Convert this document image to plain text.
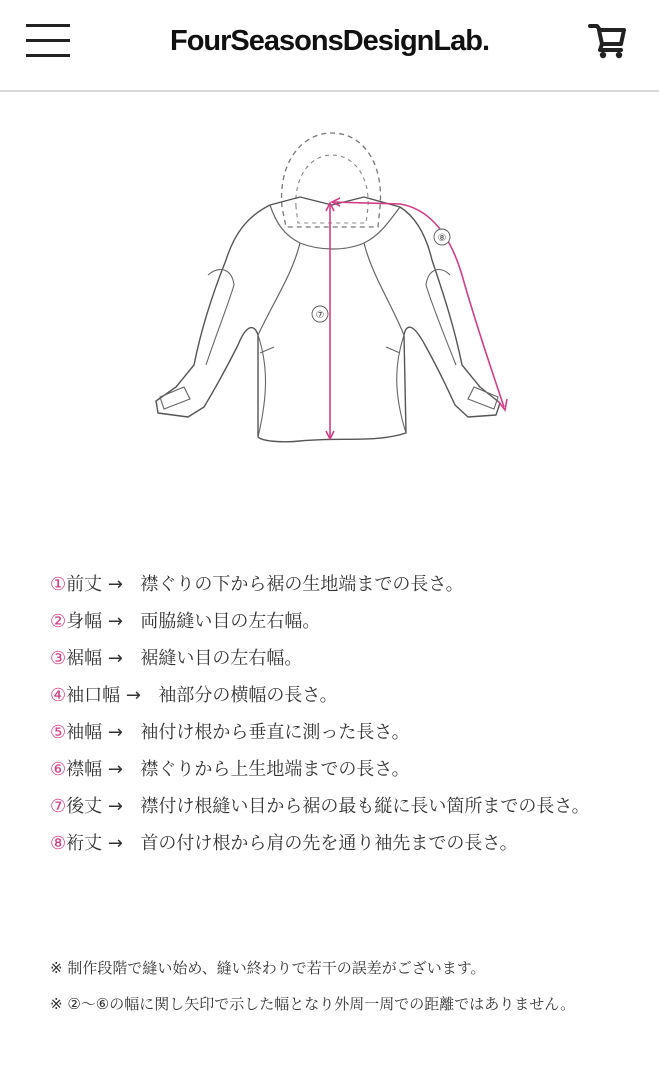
FourSeasonsDesignLab.
⑦
⑧
①前丈 → 襟ぐりの下から裾の生地端までの長さ。
②身幅 → 両脇縫い目の左右幅。
③裾幅 → 裾縫い目の左右幅。
④袖口幅 → 袖部分の横幅の長さ。
⑤袖幅 → 袖付け根から垂直に測った長さ。
⑥襟幅 → 襟ぐりから上生地端までの長さ。
⑦後丈 → 襟付け根縫い目から裾の最も縦に長い箇所までの長さ。
⑧裄丈 → 首の付け根から肩の先を通り袖先までの長さ。
※ 制作段階で縫い始め、縫い終わりで若干の誤差がございます。
※ ②〜⑥の幅に関し矢印で示した幅となり外周一周での距離ではありません。
